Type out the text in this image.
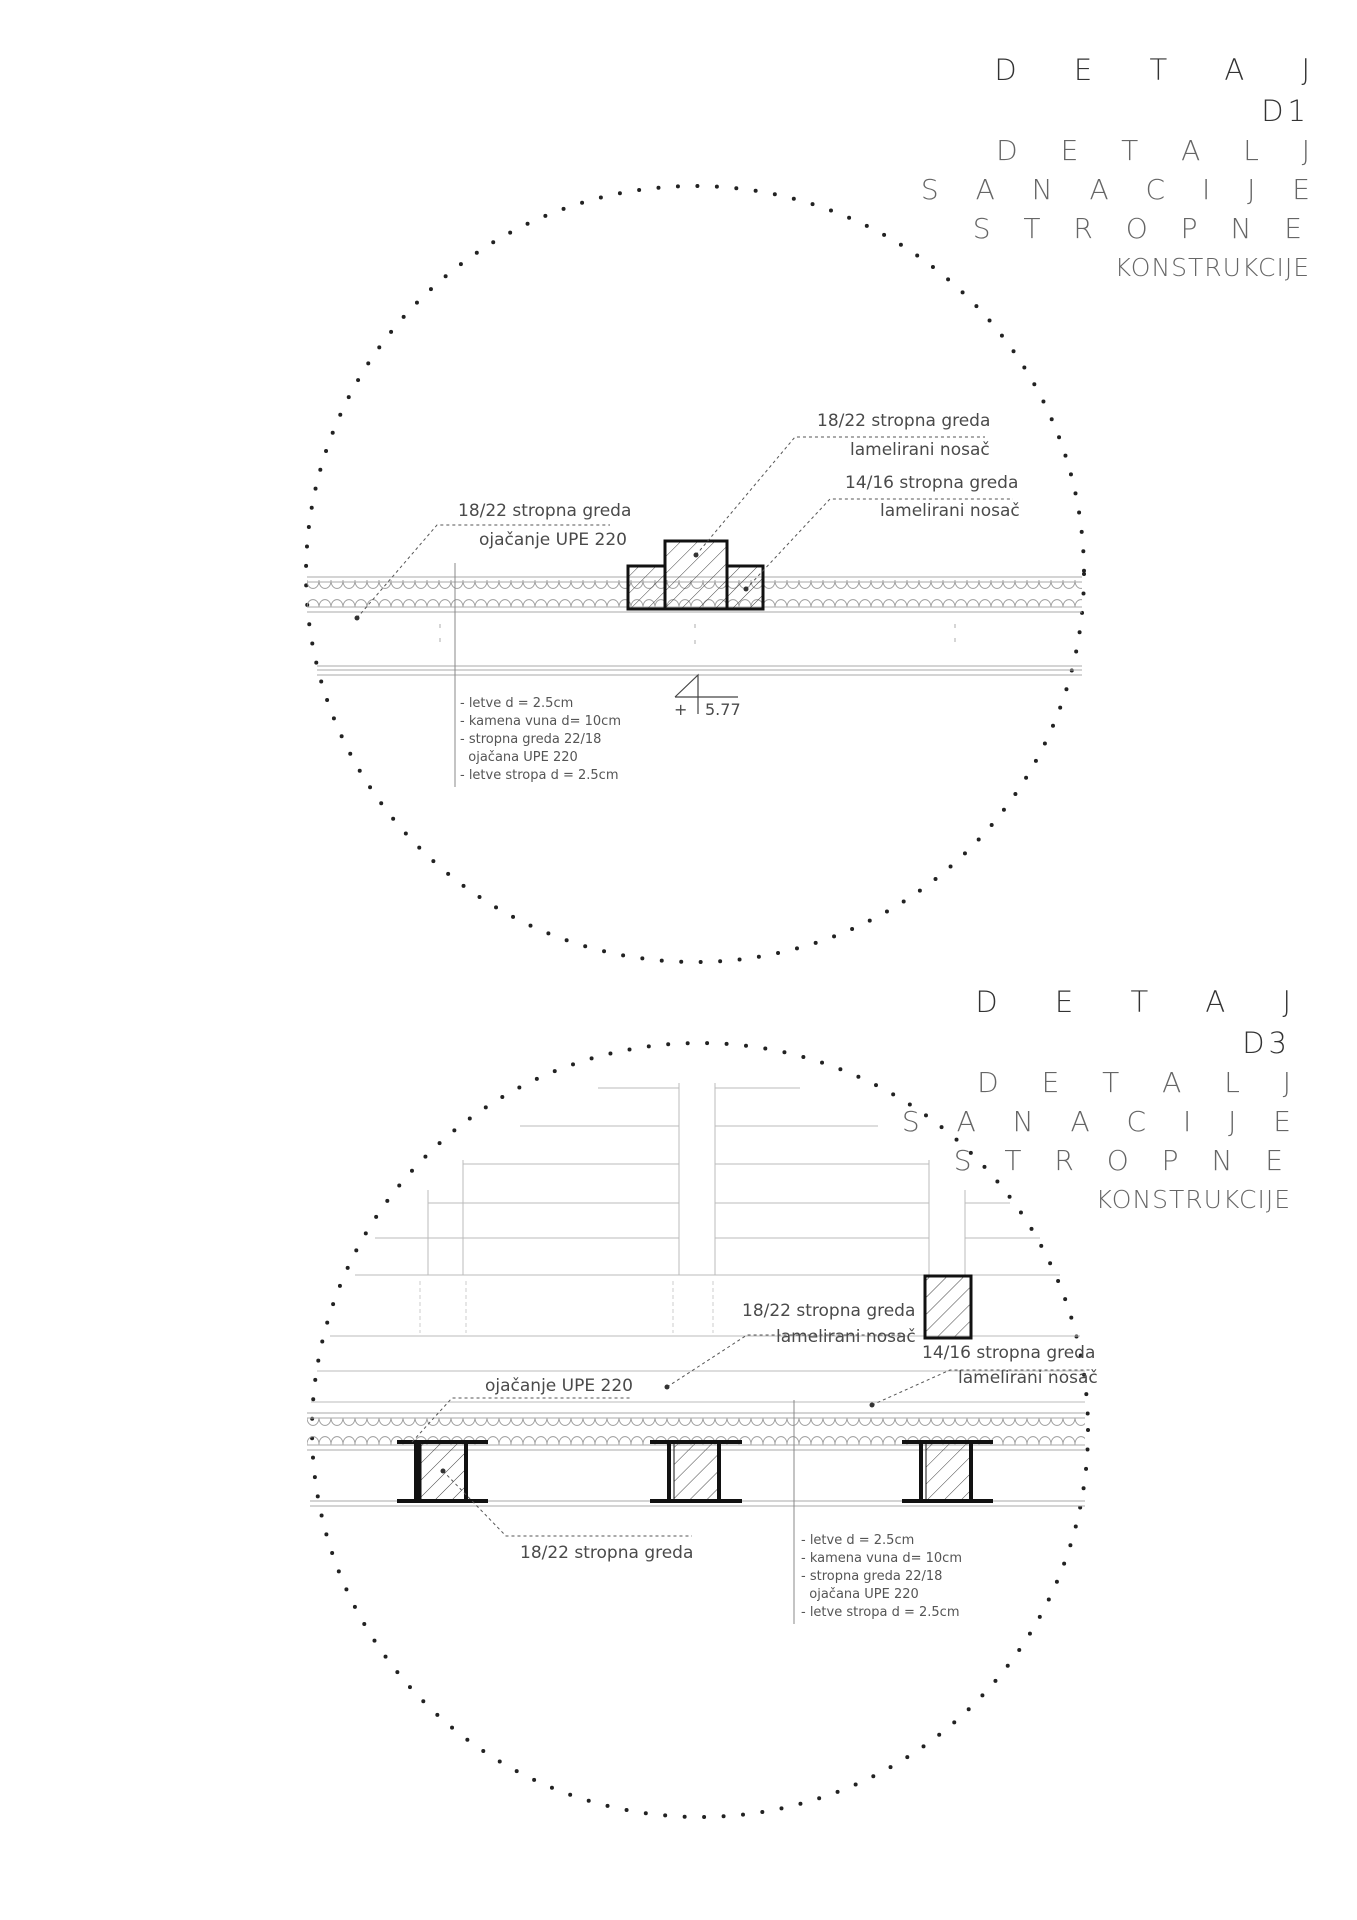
D E T A J
D1
D E T A L J
S A N A C I J E
S T R O P N E
KONSTRUKCIJE
D E T A J
D3
D E T A L J
S A N A C I J E
S T R O P N E
KONSTRUKCIJE
18/22 stropna greda
lamelirani nosač
14/16 stropna greda
lamelirani nosač
18/22 stropna greda
ojačanje UPE 220
+ 5.77
- letve d = 2.5cm
- kamena vuna d= 10cm
- stropna greda 22/18
ojačana UPE 220
- letve stropa d = 2.5cm
18/22 stropna greda
lamelirani nosač
14/16 stropna greda
lamelirani nosač
ojačanje UPE 220
18/22 stropna greda
- letve d = 2.5cm
- kamena vuna d= 10cm
- stropna greda 22/18
ojačana UPE 220
- letve stropa d = 2.5cm
